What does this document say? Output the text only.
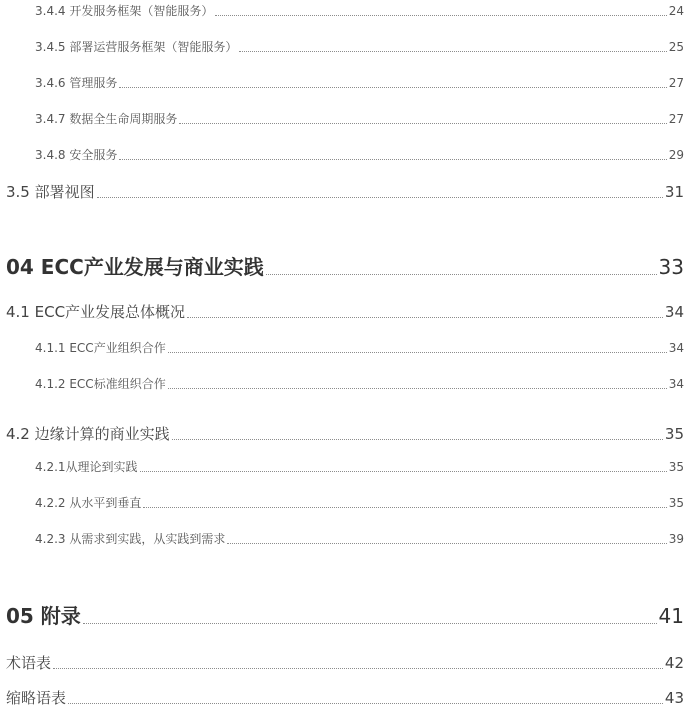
3.4.4 开发服务框架（智能服务）	24
3.4.5 部署运营服务框架（智能服务）	25
3.4.6 管理服务	27
3.4.7 数据全生命周期服务	27
3.4.8 安全服务	29
3.5 部署视图	31
04 ECC产业发展与商业实践	33
4.1 ECC产业发展总体概况	34
4.1.1 ECC产业组织合作	34
4.1.2 ECC标准组织合作	34
4.2 边缘计算的商业实践	35
4.2.1从理论到实践	35
4.2.2 从水平到垂直	35
4.2.3 从需求到实践，从实践到需求	39
05 附录	41
术语表	42
缩略语表	43
